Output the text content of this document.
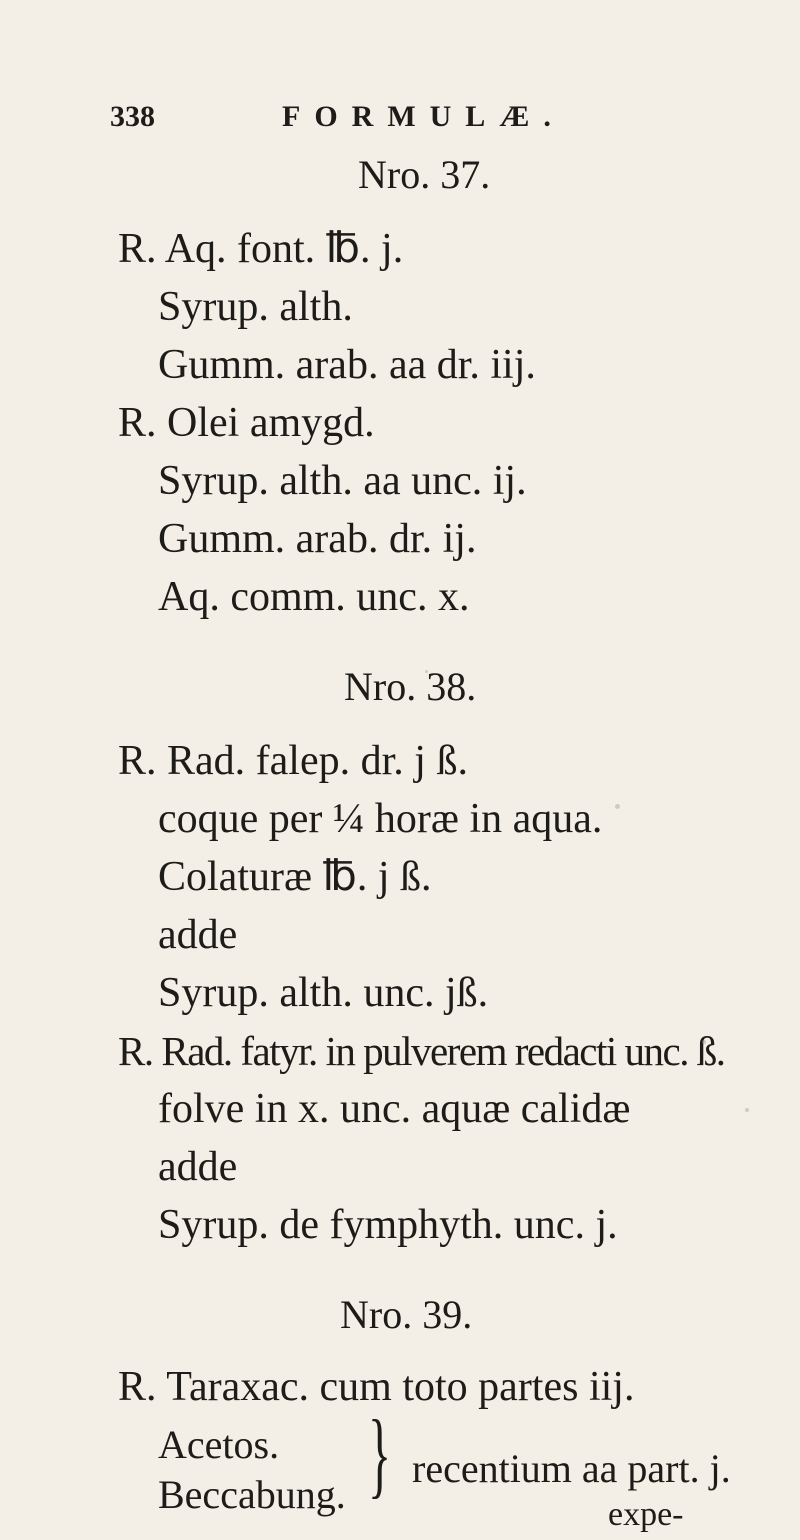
338	FORMULÆ.
Nro. 37.
R. Aq. font. ℔. j.
Syrup. alth.
Gumm. arab. aa dr. iij.
R. Olei amygd.
Syrup. alth. aa unc. ij.
Gumm. arab. dr. ij.
Aq. comm. unc. x.
Nro. 38.
R. Rad. falep. dr. j ß.
coque per ¼ horæ in aqua.
Colaturæ ℔. j ß.
adde
Syrup. alth. unc. jß.
R. Rad. fatyr. in pulverem redacti unc. ß.
folve in x. unc. aquæ calidæ
adde
Syrup. de fymphyth. unc. j.
Nro. 39.
R. Taraxac. cum toto partes iij.
Acetos.
Beccabung. } recentium aa part. j.
expe-
